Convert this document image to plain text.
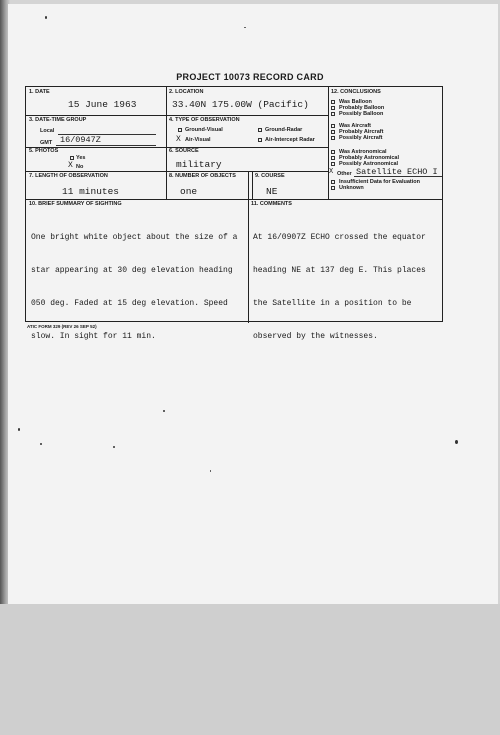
PROJECT 10073 RECORD CARD
1. DATE
15 June 1963
2. LOCATION
33.40N 175.00W (Pacific)
3. DATE-TIME GROUP
Local
GMT 16/0947Z
4. TYPE OF OBSERVATION
Ground-Visual	Ground-Radar
X Air-Visual	Air-Intercept Radar
5. PHOTOS
Yes
X No
6. SOURCE
military
7. LENGTH OF OBSERVATION
11 minutes
8. NUMBER OF OBJECTS
one
9. COURSE
NE
12. CONCLUSIONS
Was Balloon
Probably Balloon
Possibly Balloon
Was Aircraft
Probably Aircraft
Possibly Aircraft
Was Astronomical
Probably Astronomical
Possibly Astronomical
X Other Satellite ECHO I
Insufficient Data for Evaluation
Unknown
10. BRIEF SUMMARY OF SIGHTING

One bright white object about the size of a

star appearing at 30 deg elevation heading

050 deg. Faded at 15 deg elevation. Speed

slow. In sight for 11 min.

11. COMMENTS

At 16/0907Z ECHO crossed the equator

heading NE at 137 deg E. This places

the Satellite in a position to be

observed by the witnesses.

ATIC FORM 329 (REV 26 SEP 52)
